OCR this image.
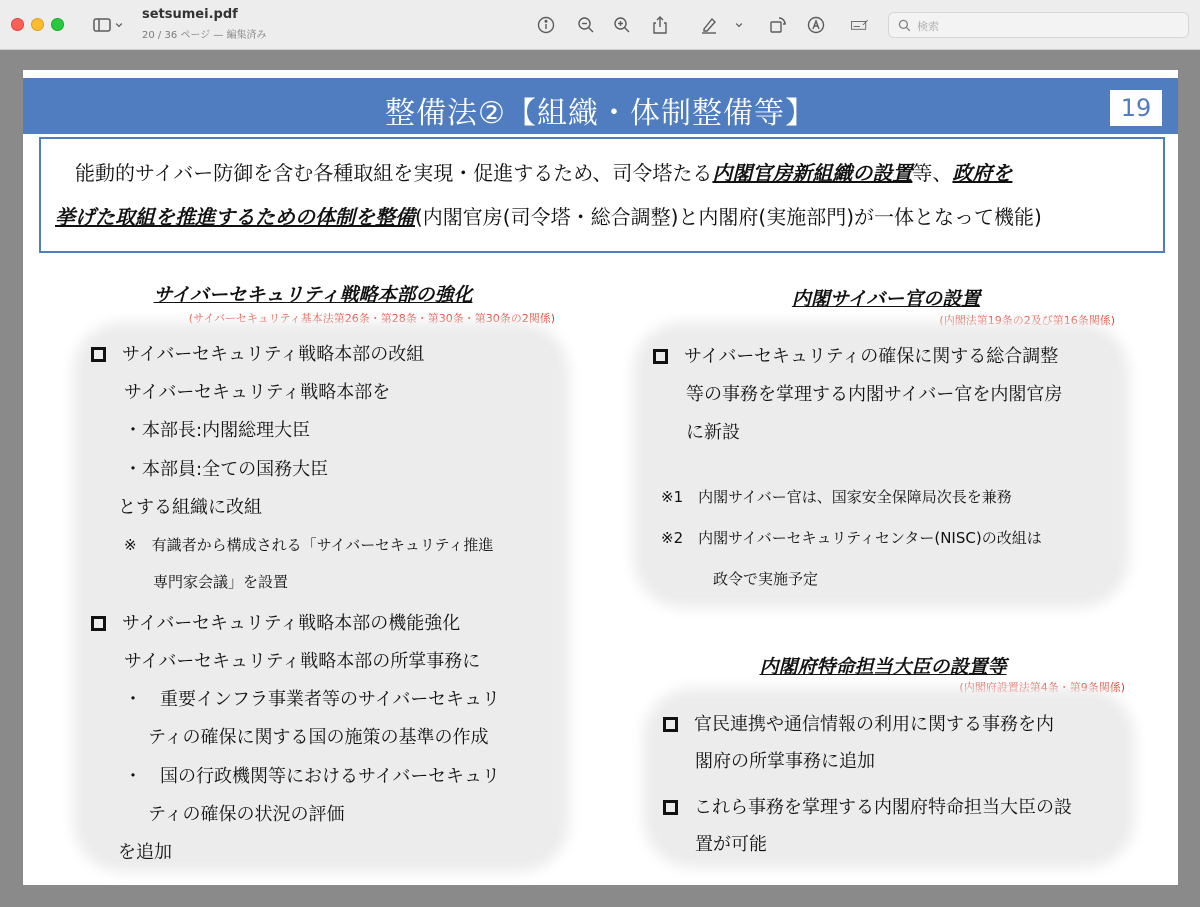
setsumei.pdf
20 / 36 ページ — 編集済み
検索
整備法②【組織・体制整備等】	19

能動的サイバー防御を含む各種取組を実現・促進するため、司令塔たる内閣官房新組織の設置等、政府を

挙げた取組を推進するための体制を整備(内閣官房(司令塔・総合調整)と内閣府(実施部門)が一体となって機能)

サイバーセキュリティ戦略本部の強化
(サイバーセキュリティ基本法第26条・第28条・第30条・第30条の2関係)
サイバーセキュリティ戦略本部の改組
サイバーセキュリティ戦略本部を
・本部長:内閣総理大臣
・本部員:全ての国務大臣
とする組織に改組
※　有識者から構成される「サイバーセキュリティ推進
専門家会議」を設置
サイバーセキュリティ戦略本部の機能強化
サイバーセキュリティ戦略本部の所掌事務に
・　重要インフラ事業者等のサイバーセキュリ
ティの確保に関する国の施策の基準の作成
・　国の行政機関等におけるサイバーセキュリ
ティの確保の状況の評価
を追加
内閣サイバー官の設置
(内閣法第19条の2及び第16条関係)
サイバーセキュリティの確保に関する総合調整
等の事務を掌理する内閣サイバー官を内閣官房
に新設
※1　内閣サイバー官は、国家安全保障局次長を兼務
※2　内閣サイバーセキュリティセンター(NISC)の改組は
政令で実施予定
内閣府特命担当大臣の設置等
(内閣府設置法第4条・第9条関係)
官民連携や通信情報の利用に関する事務を内
閣府の所掌事務に追加
これら事務を掌理する内閣府特命担当大臣の設
置が可能
